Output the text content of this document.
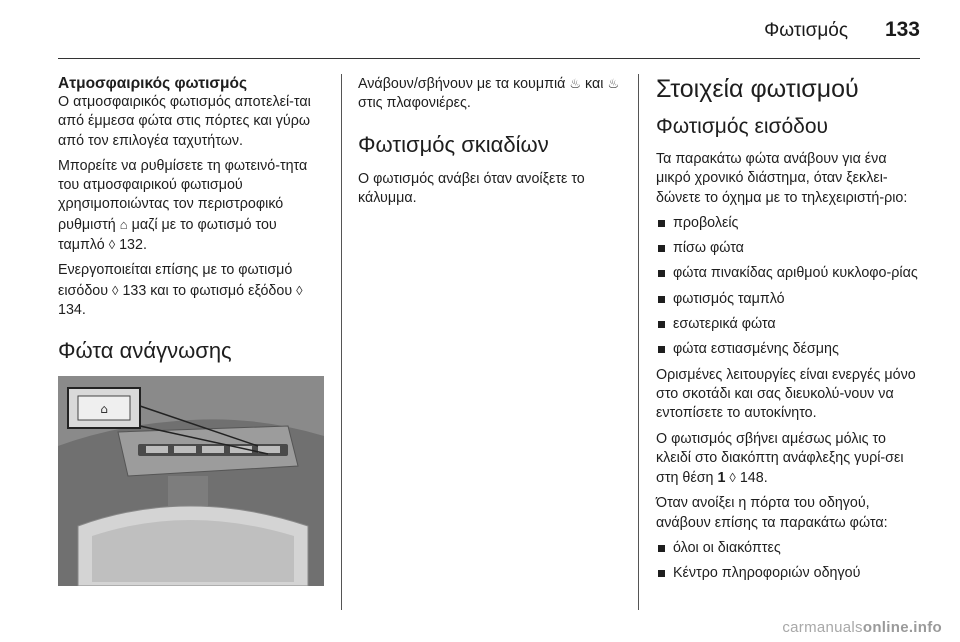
Φωτισμός 133
Ατμοσφαιρικός φωτισμός

Ο ατμοσφαιρικός φωτισμός αποτελεί-ται από έμμεσα φώτα στις πόρτες και γύρω από τον επιλογέα ταχυτήτων.

Μπορείτε να ρυθμίσετε τη φωτεινό-τητα του ατμοσφαιρικού φωτισμού χρησιμοποιώντας τον περιστροφικό ρυθμιστή ⌂ μαζί με το φωτισμό του ταμπλό ◊ 132.

Ενεργοποιείται επίσης με το φωτισμό εισόδου ◊ 133 και το φωτισμό εξόδου ◊ 134.

Φώτα ανάγνωσης
⌂

Ανάβουν/σβήνουν με τα κουμπιά ♨ και ♨ στις πλαφονιέρες.

Φωτισμός σκιαδίων

Ο φωτισμός ανάβει όταν ανοίξετε το κάλυμμα.

Στοιχεία φωτισμού
Φωτισμός εισόδου

Τα παρακάτω φώτα ανάβουν για ένα μικρό χρονικό διάστημα, όταν ξεκλει-δώνετε το όχημα με το τηλεχειριστή-ριο:

προβολείς
πίσω φώτα
φώτα πινακίδας αριθμού κυκλοφο-ρίας
φωτισμός ταμπλό
εσωτερικά φώτα
φώτα εστιασμένης δέσμης

Ορισμένες λειτουργίες είναι ενεργές μόνο στο σκοτάδι και σας διευκολύ-νουν να εντοπίσετε το αυτοκίνητο.

Ο φωτισμός σβήνει αμέσως μόλις το κλειδί στο διακόπτη ανάφλεξης γυρί-σει στη θέση 1 ◊ 148.

Όταν ανοίξει η πόρτα του οδηγού, ανάβουν επίσης τα παρακάτω φώτα:

όλοι οι διακόπτες
Κέντρο πληροφοριών οδηγού
carmanualsonline.info
